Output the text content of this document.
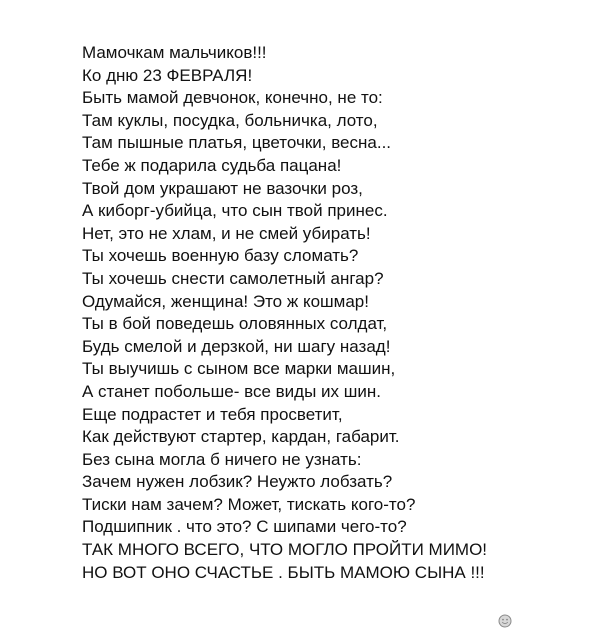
Мамочкам мальчиков!!!
Ко дню 23 ФЕВРАЛЯ!
Быть мамой девчонок, конечно, не то:
Там куклы, посудка, больничка, лото,
Там пышные платья, цветочки, весна...
Тебе ж подарила судьба пацана!
Твой дом украшают не вазочки роз,
А киборг-убийца, что сын твой принес.
Нет, это не хлам, и не смей убирать!
Ты хочешь военную базу сломать?
Ты хочешь снести самолетный ангар?
Одумайся, женщина! Это ж кошмар!
Ты в бой поведешь оловянных солдат,
Будь смелой и дерзкой, ни шагу назад!
Ты выучишь с сыном все марки машин,
А станет побольше- все виды их шин.
Еще подрастет и тебя просветит,
Как действуют стартер, кардан, габарит.
Без сына могла б ничего не узнать:
Зачем нужен лобзик? Неужто лобзать?
Тиски нам зачем? Может, тискать кого-то?
Подшипник . что это? С шипами чего-то?
ТАК МНОГО ВСЕГО, ЧТО МОГЛО ПРОЙТИ МИМО!
НО ВОТ ОНО СЧАСТЬЕ . БЫТЬ МАМОЮ СЫНА !!!
